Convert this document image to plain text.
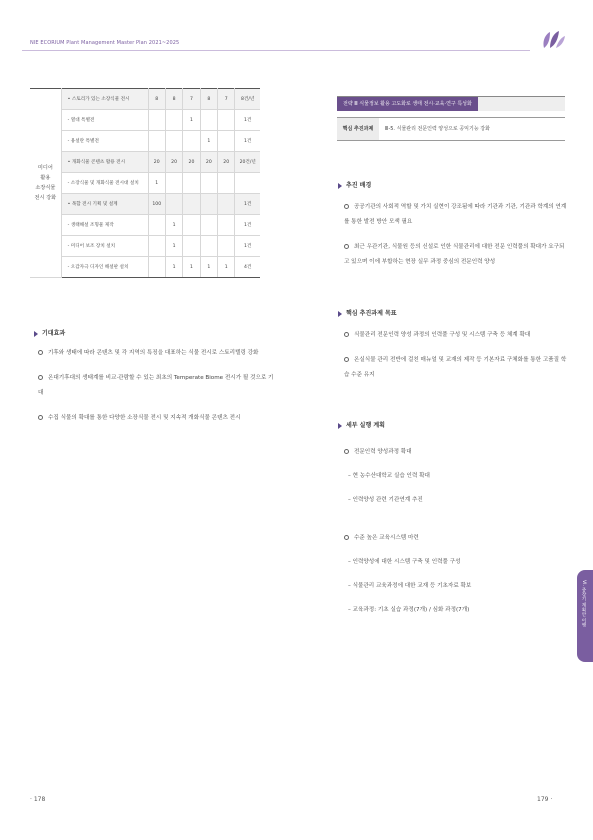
NIE ECORIUM Plant Management Master Plan 2021~2025
미디어
활용
소장식물
전시 강화	• 스토리가 있는 소장식물 전시	8	8	7	8	7	8건/년
	- 열대 특별전			1			1건
	- 용설란 특별전				1		1건
	• 개화식물 콘텐츠 활용 전시	20	20	20	20	20	20건/년
	- 소장식물 및 개화식물 전시대 설치	1					
	• 목합 전시 기획 및 설계	100					1건
	- 생태해설 조형물 제작		1				1건
	- 미디어 보조 장치 설치		1				1건
	- 오감자극 디자인 해설판 설치		1	1	1	1	4건
기대효과
기후와 생태에 따라 콘텐츠 및 각 지역의 특징을 대표하는 식물 전시로 스토리텔링 강화
온대기후대의 생태계를 비교·관람할 수 있는 최초의 Temperate Biome 전시가 될 것으로 기대
수집 식물의 확대를 통한 다양한 소장식물 전시 및 지속적 개화식물 콘텐츠 전시
전략 Ⅲ 식물정보 활용 고도화로 생태 전시·교육·연구 특성화
핵심 추진과제	Ⅲ-5. 식물관리 전문인력 양성으로 공익기능 강화
추진 배경
공공기관의 사회적 역할 및 가치 실현이 강조됨에 따라 기관과 기관, 기관과 학계의 연계를 통한 발전 방안 모색 필요
최근 우관기관, 식물원 등의 신설로 인한 식물관리에 대한 전문 인력풀의 확대가 요구되고 있으며 이에 부합하는 현장 실무 과정 중심의 전문인력 양성
핵심 추진과제 목표
식물관리 전문인력 양성 과정의 인력풀 구성 및 시스템 구축 등 체계 확대
온실식물 관리 전반에 걸친 매뉴얼 및 교재의 제작 등 기본자료 구체화를 통한 고품질 학습 수준 유지
세부 실행 계획
전문인력 양성과정 확대
– 현 농수산대학교 실습 인력 확대
– 인력양성 관련 기관연계 추진
수준 높은 교육시스템 마련
– 인력양성에 대한 시스템 구축 및 인력풀 구성
– 식물관리 교육과정에 대한 교재 등 기초자료 확보
– 교육과정: 기초 실습 과정(7개) / 심화 과정(7개)	VI. 중장기 계획안 이행
· 178	179 ·
